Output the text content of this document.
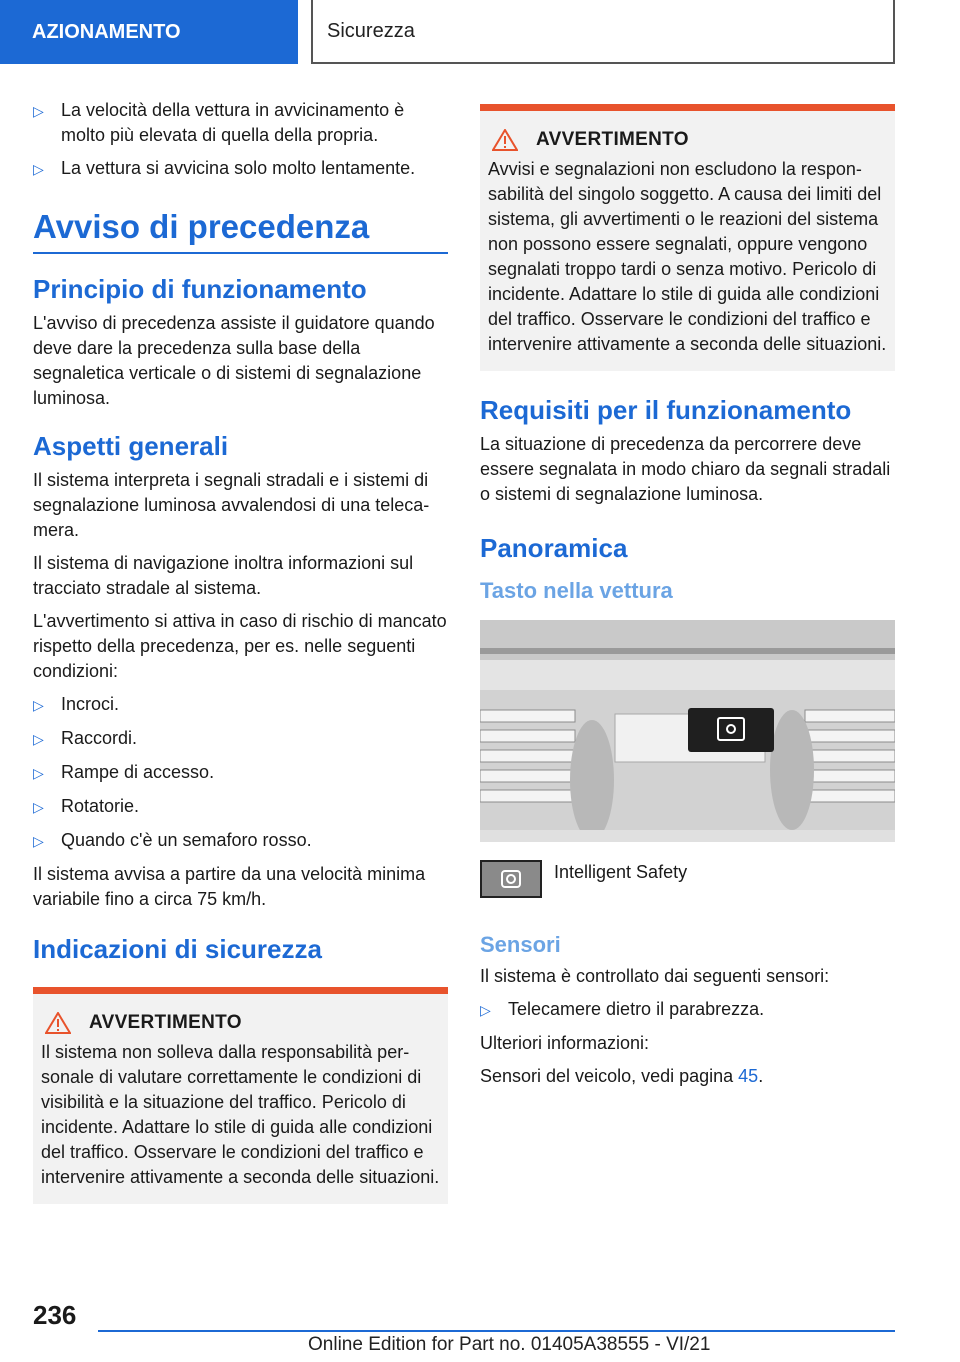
AZIONAMENTO	Sicurezza
▷ La velocità della vettura in avvicinamento è molto più elevata di quella della propria.
▷ La vettura si avvicina solo molto lentamente.
Avviso di precedenza
Principio di funzionamento

L'avviso di precedenza assiste il guidatore quando deve dare la precedenza sulla base della segnaletica verticale o di sistemi di segnalazione luminosa.

Aspetti generali

Il sistema interpreta i segnali stradali e i sistemi di segnalazione luminosa avvalendosi di una telecamera.

Il sistema di navigazione inoltra informazioni sul tracciato stradale al sistema.

L'avvertimento si attiva in caso di rischio di mancato rispetto della precedenza, per es. nelle seguenti condizioni:

▷ Incroci.
▷ Raccordi.
▷ Rampe di accesso.
▷ Rotatorie.
▷ Quando c'è un semaforo rosso.

Il sistema avvisa a partire da una velocità minima variabile fino a circa 75 km/h.

Indicazioni di sicurezza
AVVERTIMENTO

Il sistema non solleva dalla responsabilità personale di valutare correttamente le condizioni di visibilità e la situazione del traffico. Pericolo di incidente. Adattare lo stile di guida alle condizioni del traffico. Osservare le condizioni del traffico e intervenire attivamente a seconda delle situazioni.

AVVERTIMENTO

Avvisi e segnalazioni non escludono la responsabilità del singolo soggetto. A causa dei limiti del sistema, gli avvertimenti o le reazioni del sistema non possono essere segnalati, oppure vengono segnalati troppo tardi o senza motivo. Pericolo di incidente. Adattare lo stile di guida alle condizioni del traffico. Osservare le condizioni del traffico e intervenire attivamente a seconda delle situazioni.

Requisiti per il funzionamento

La situazione di precedenza da percorrere deve essere segnalata in modo chiaro da segnali stradali o sistemi di segnalazione luminosa.

Panoramica
Tasto nella vettura
Intelligent Safety
Sensori

Il sistema è controllato dai seguenti sensori:

▷ Telecamere dietro il parabrezza.

Ulteriori informazioni:

Sensori del veicolo, vedi pagina 45.

236
Online Edition for Part no. 01405A38555 - VI/21
